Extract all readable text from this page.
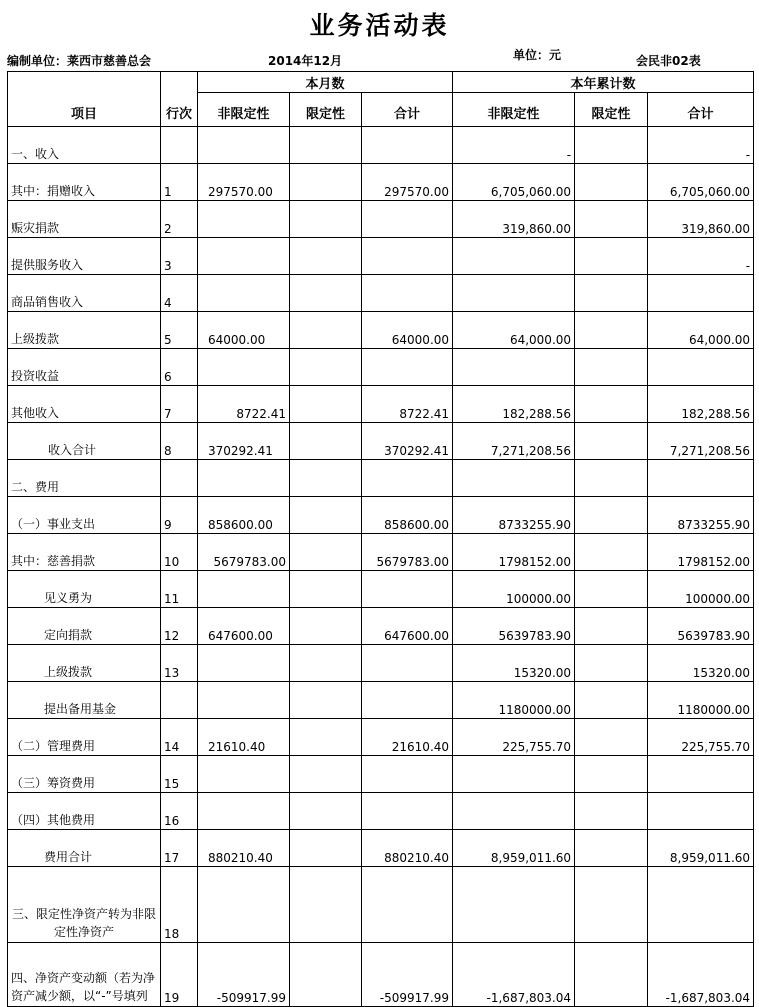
业务活动表
编制单位：莱西市慈善总会	2014年12月	单位：元	会民非02表
项目	行次	本月数			本年累计数		
		非限定性	限定性	合计	非限定性	限定性	合计
一、收入					-		-
其中：捐赠收入	1	297570.00		297570.00	6,705,060.00		6,705,060.00
赈灾捐款	2				319,860.00		319,860.00
提供服务收入	3						-
商品销售收入	4						
上级拨款	5	64000.00		64000.00	64,000.00		64,000.00
投资收益	6						
其他收入	7	8722.41		8722.41	182,288.56		182,288.56
收入合计	8	370292.41		370292.41	7,271,208.56		7,271,208.56
二、费用							
（一）事业支出	9	858600.00		858600.00	8733255.90		8733255.90
其中：慈善捐款	10	5679783.00		5679783.00	1798152.00		1798152.00
见义勇为	11				100000.00		100000.00
定向捐款	12	647600.00		647600.00	5639783.90		5639783.90
上级拨款	13				15320.00		15320.00
提出备用基金					1180000.00		1180000.00
（二）管理费用	14	21610.40		21610.40	225,755.70		225,755.70
（三）筹资费用	15						
（四）其他费用	16						
费用合计	17	880210.40		880210.40	8,959,011.60		8,959,011.60
三、限定性净资产转为非限定性净资产	18						
四、净资产变动额（若为净资产减少额，以“-”号填列	19	-509917.99		-509917.99	-1,687,803.04		-1,687,803.04
